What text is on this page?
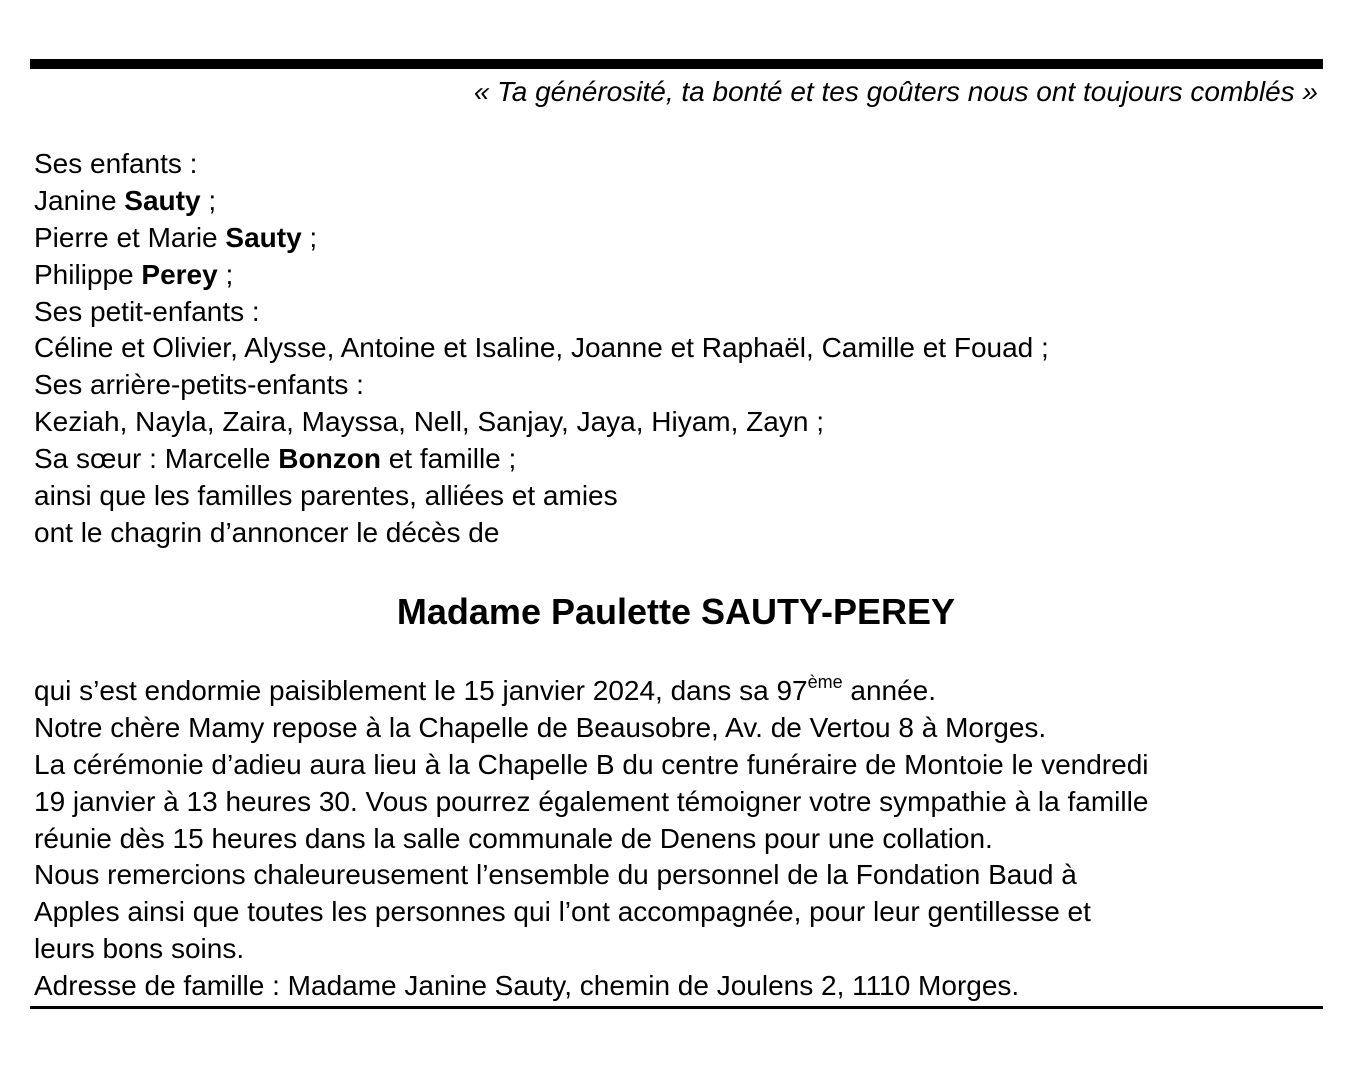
« Ta générosité, ta bonté et tes goûters nous ont toujours comblés »
Ses enfants :
Janine Sauty ;
Pierre et Marie Sauty ;
Philippe Perey ;
Ses petit-enfants :
Céline et Olivier, Alysse, Antoine et Isaline, Joanne et Raphaël, Camille et Fouad ;
Ses arrière-petits-enfants :
Keziah, Nayla, Zaira, Mayssa, Nell, Sanjay, Jaya, Hiyam, Zayn ;
Sa sœur : Marcelle Bonzon et famille ;
ainsi que les familles parentes, alliées et amies
ont le chagrin d’annoncer le décès de
Madame Paulette SAUTY-PEREY
qui s’est endormie paisiblement le 15 janvier 2024, dans sa 97ème année.
Notre chère Mamy repose à la Chapelle de Beausobre, Av. de Vertou 8 à Morges.
La cérémonie d’adieu aura lieu à la Chapelle B du centre funéraire de Montoie le vendredi
19 janvier à 13 heures 30. Vous pourrez également témoigner votre sympathie à la famille
réunie dès 15 heures dans la salle communale de Denens pour une collation.
Nous remercions chaleureusement l’ensemble du personnel de la Fondation Baud à
Apples ainsi que toutes les personnes qui l’ont accompagnée, pour leur gentillesse et
leurs bons soins.
Adresse de famille : Madame Janine Sauty, chemin de Joulens 2, 1110 Morges.
